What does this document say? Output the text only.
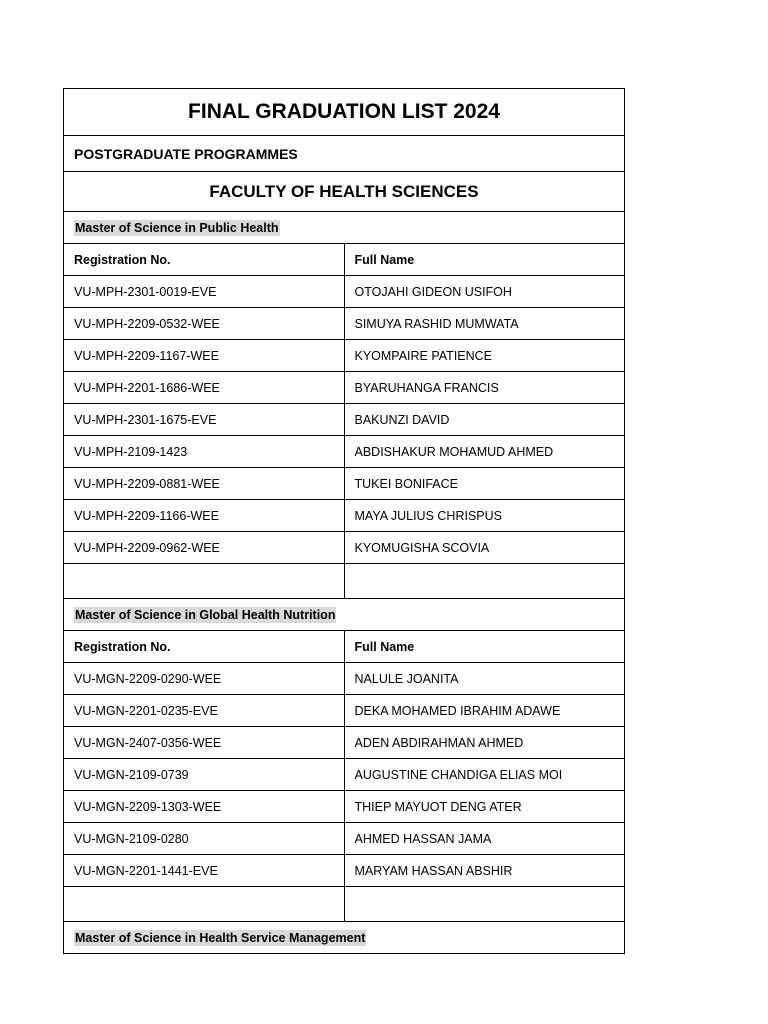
FINAL GRADUATION LIST 2024	
POSTGRADUATE PROGRAMMES	
FACULTY OF HEALTH SCIENCES	
Master of Science in Public Health	
Registration No.	Full Name
VU-MPH-2301-0019-EVE	OTOJAHI GIDEON USIFOH
VU-MPH-2209-0532-WEE	SIMUYA RASHID MUMWATA
VU-MPH-2209-1167-WEE	KYOMPAIRE PATIENCE
VU-MPH-2201-1686-WEE	BYARUHANGA FRANCIS
VU-MPH-2301-1675-EVE	BAKUNZI DAVID
VU-MPH-2109-1423	ABDISHAKUR MOHAMUD AHMED
VU-MPH-2209-0881-WEE	TUKEI BONIFACE
VU-MPH-2209-1166-WEE	MAYA JULIUS CHRISPUS
VU-MPH-2209-0962-WEE	KYOMUGISHA SCOVIA

Master of Science in Global Health Nutrition	
Registration No.	Full Name
VU-MGN-2209-0290-WEE	NALULE JOANITA
VU-MGN-2201-0235-EVE	DEKA MOHAMED IBRAHIM ADAWE
VU-MGN-2407-0356-WEE	ADEN ABDIRAHMAN AHMED
VU-MGN-2109-0739	AUGUSTINE CHANDIGA ELIAS MOI
VU-MGN-2209-1303-WEE	THIEP MAYUOT DENG ATER
VU-MGN-2109-0280	AHMED HASSAN JAMA
VU-MGN-2201-1441-EVE	MARYAM HASSAN ABSHIR

Master of Science in Health Service Management	
